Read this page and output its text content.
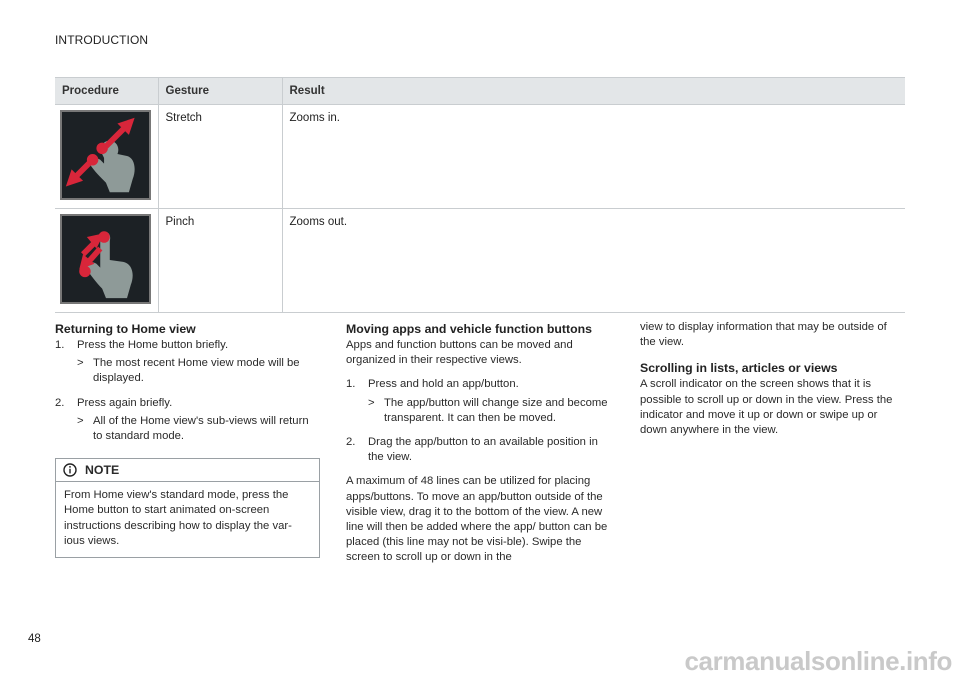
INTRODUCTION
Procedure	Gesture	Result

	Stretch	Zooms in.

	Pinch	Zooms out.
Returning to Home view
1. Press the Home button briefly.

> The most recent Home view mode will be displayed.

2. Press again briefly.

> All of the Home view's sub-views will return to standard mode.

NOTE
From Home view's standard mode, press the Home button to start animated on-screen instructions describing how to display the var-ious views.
Moving apps and vehicle function buttons

Apps and function buttons can be moved and organized in their respective views.

1. Press and hold an app/button.

> The app/button will change size and become transparent. It can then be moved.

2. Drag the app/button to an available position in the view.

A maximum of 48 lines can be utilized for placing apps/buttons. To move an app/button outside of the visible view, drag it to the bottom of the view. A new line will then be added where the app/ button can be placed (this line may not be visi-ble). Swipe the screen to scroll up or down in the

view to display information that may be outside of the view.

Scrolling in lists, articles or views

A scroll indicator on the screen shows that it is possible to scroll up or down in the view. Press the indicator and move it up or down or swipe up or down anywhere in the view.

48
carmanualsonline.info
